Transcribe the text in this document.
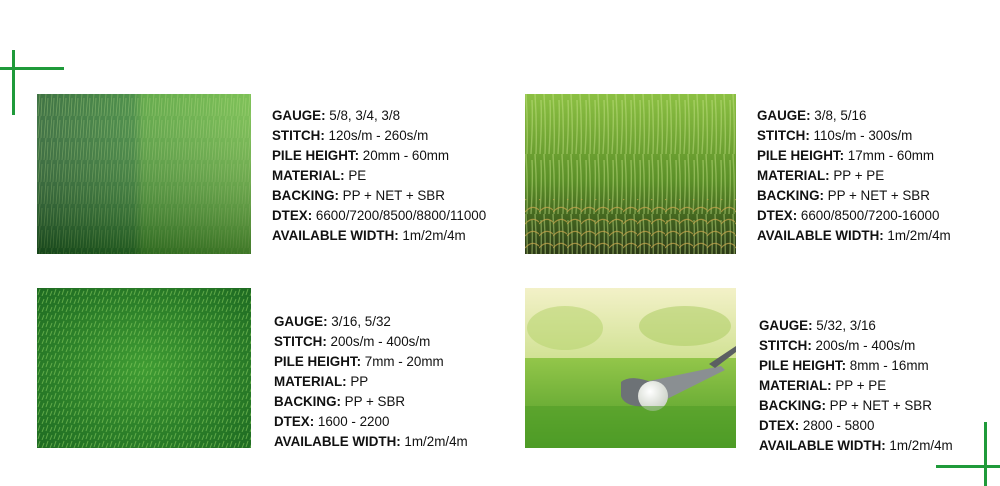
GAUGE: 5/8, 3/4, 3/8
STITCH: 120s/m - 260s/m
PILE HEIGHT: 20mm - 60mm
MATERIAL: PE
BACKING: PP + NET + SBR
DTEX: 6600/7200/8500/8800/11000
AVAILABLE WIDTH: 1m/2m/4m
GAUGE: 3/8, 5/16
STITCH: 110s/m - 300s/m
PILE HEIGHT: 17mm - 60mm
MATERIAL: PP + PE
BACKING: PP + NET + SBR
DTEX: 6600/8500/7200-16000
AVAILABLE WIDTH: 1m/2m/4m
GAUGE: 3/16, 5/32
STITCH: 200s/m - 400s/m
PILE HEIGHT: 7mm - 20mm
MATERIAL: PP
BACKING: PP + SBR
DTEX: 1600 - 2200
AVAILABLE WIDTH: 1m/2m/4m
GAUGE: 5/32, 3/16
STITCH: 200s/m - 400s/m
PILE HEIGHT: 8mm - 16mm
MATERIAL: PP + PE
BACKING: PP + NET + SBR
DTEX: 2800 - 5800
AVAILABLE WIDTH: 1m/2m/4m
